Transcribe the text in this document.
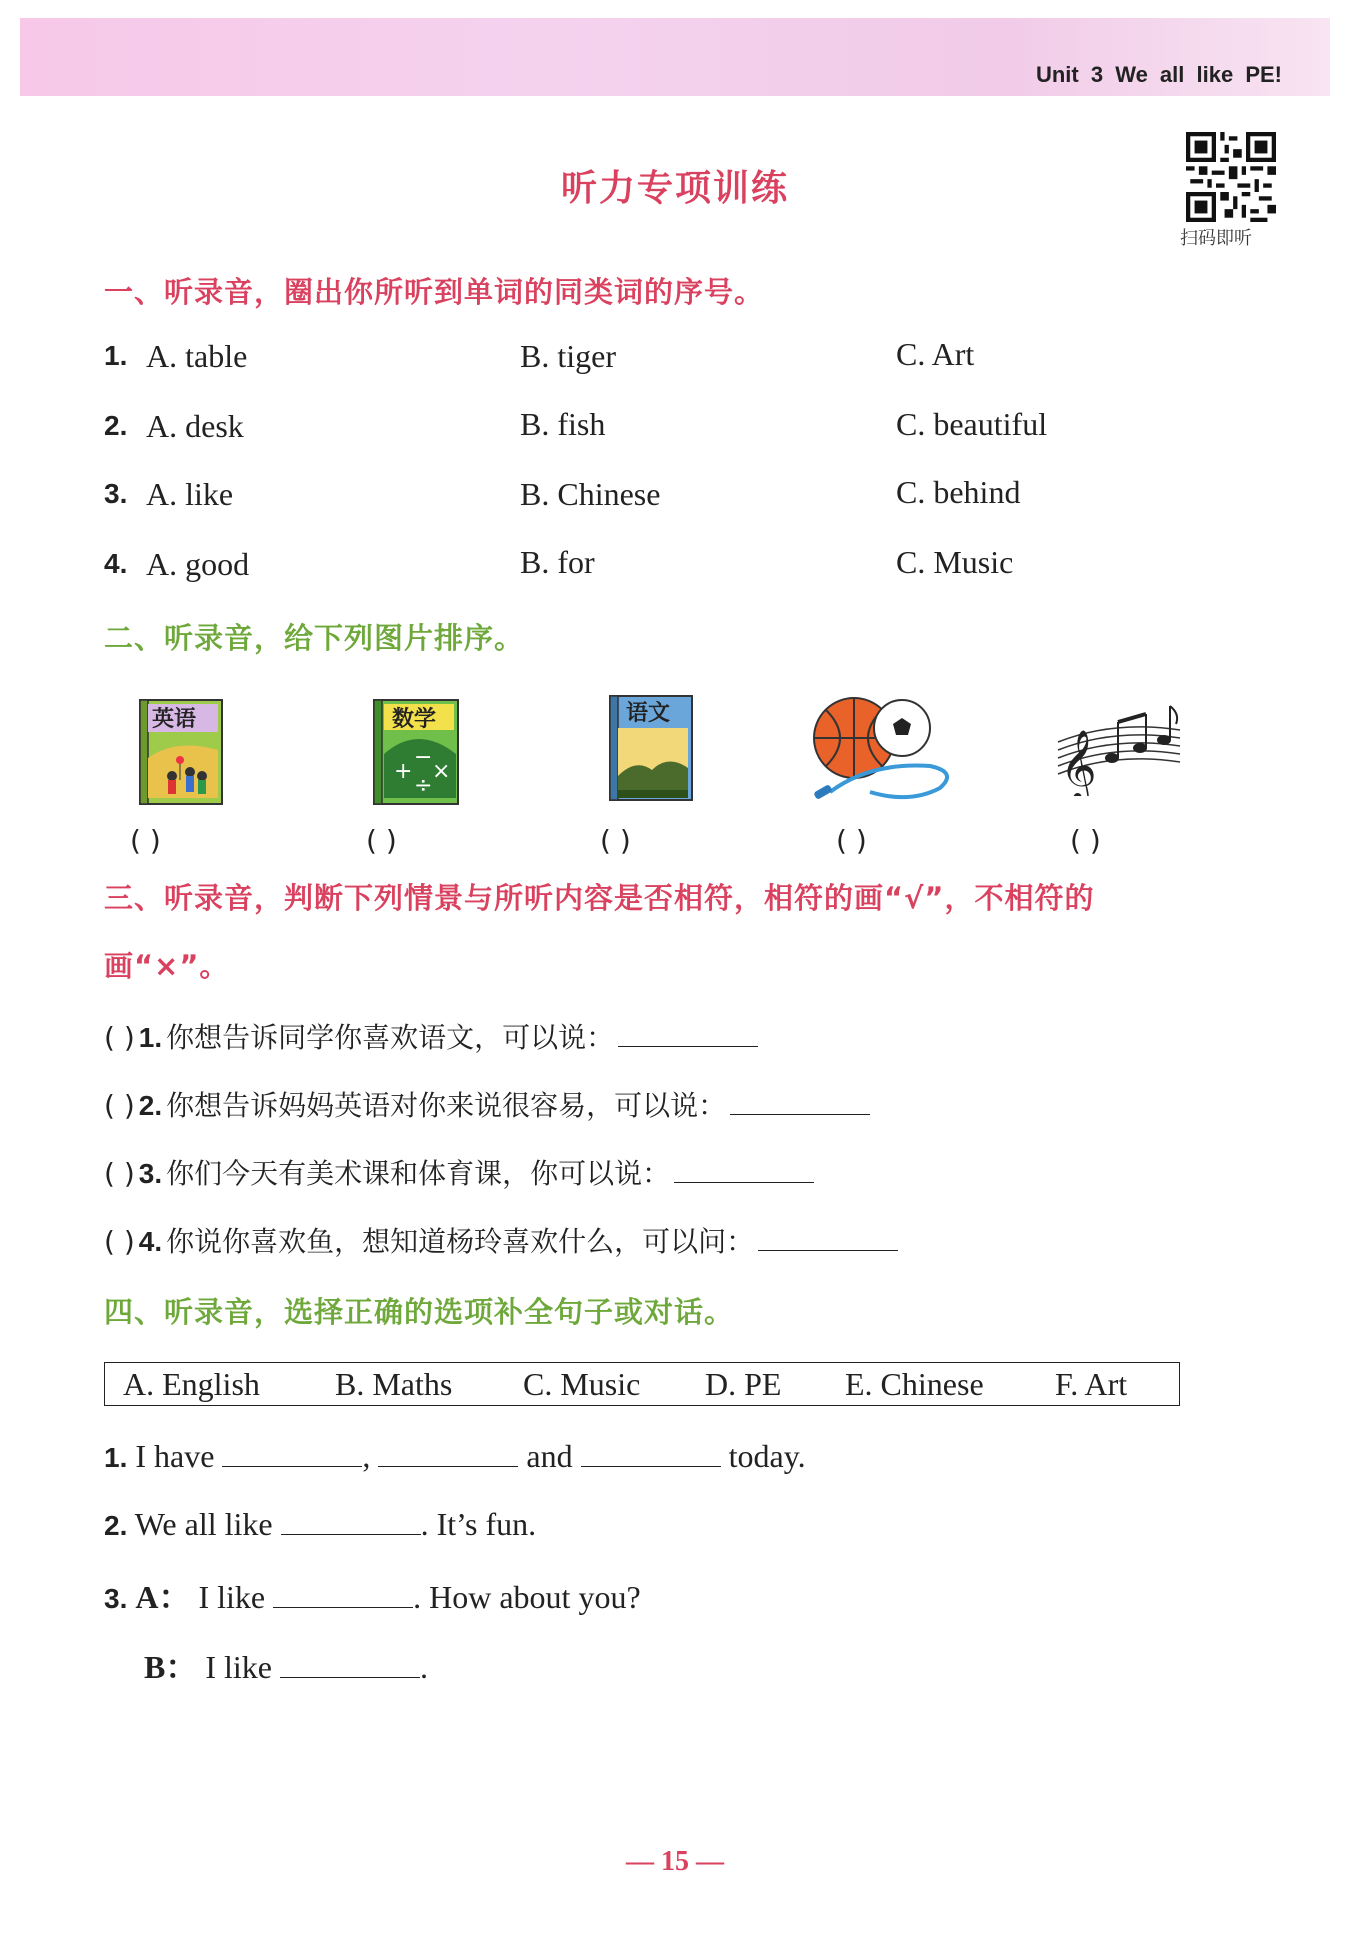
Unit 3 We all like PE!
听力专项训练
扫码即听
一、听录音，圈出你所听到单词的同类词的序号。
1. A. table	B. tiger	C. Art
2. A. desk	B. fish	C. beautiful
3. A. like	B. Chinese	C. behind
4. A. good	B. for	C. Music
二、听录音，给下列图片排序。
英语
+
−
×
÷
数学	语文
𝄞
( )	( )	( )	( )	( )
三、听录音，判断下列情景与所听内容是否相符，相符的画“√”，不相符的
画“×”。
( ) 1. 你想告诉同学你喜欢语文，可以说：
( ) 2. 你想告诉妈妈英语对你来说很容易，可以说：
( ) 3. 你们今天有美术课和体育课，你可以说：
( ) 4. 你说你喜欢鱼，想知道杨玲喜欢什么，可以问：
四、听录音，选择正确的选项补全句子或对话。
A. English B. Maths C. Music D. PE E. Chinese F. Art
1. I have	,	and	today.
2. We all like	. It’s fun.
3. A： I like	. How about you?
B： I like	.
— 15 —
